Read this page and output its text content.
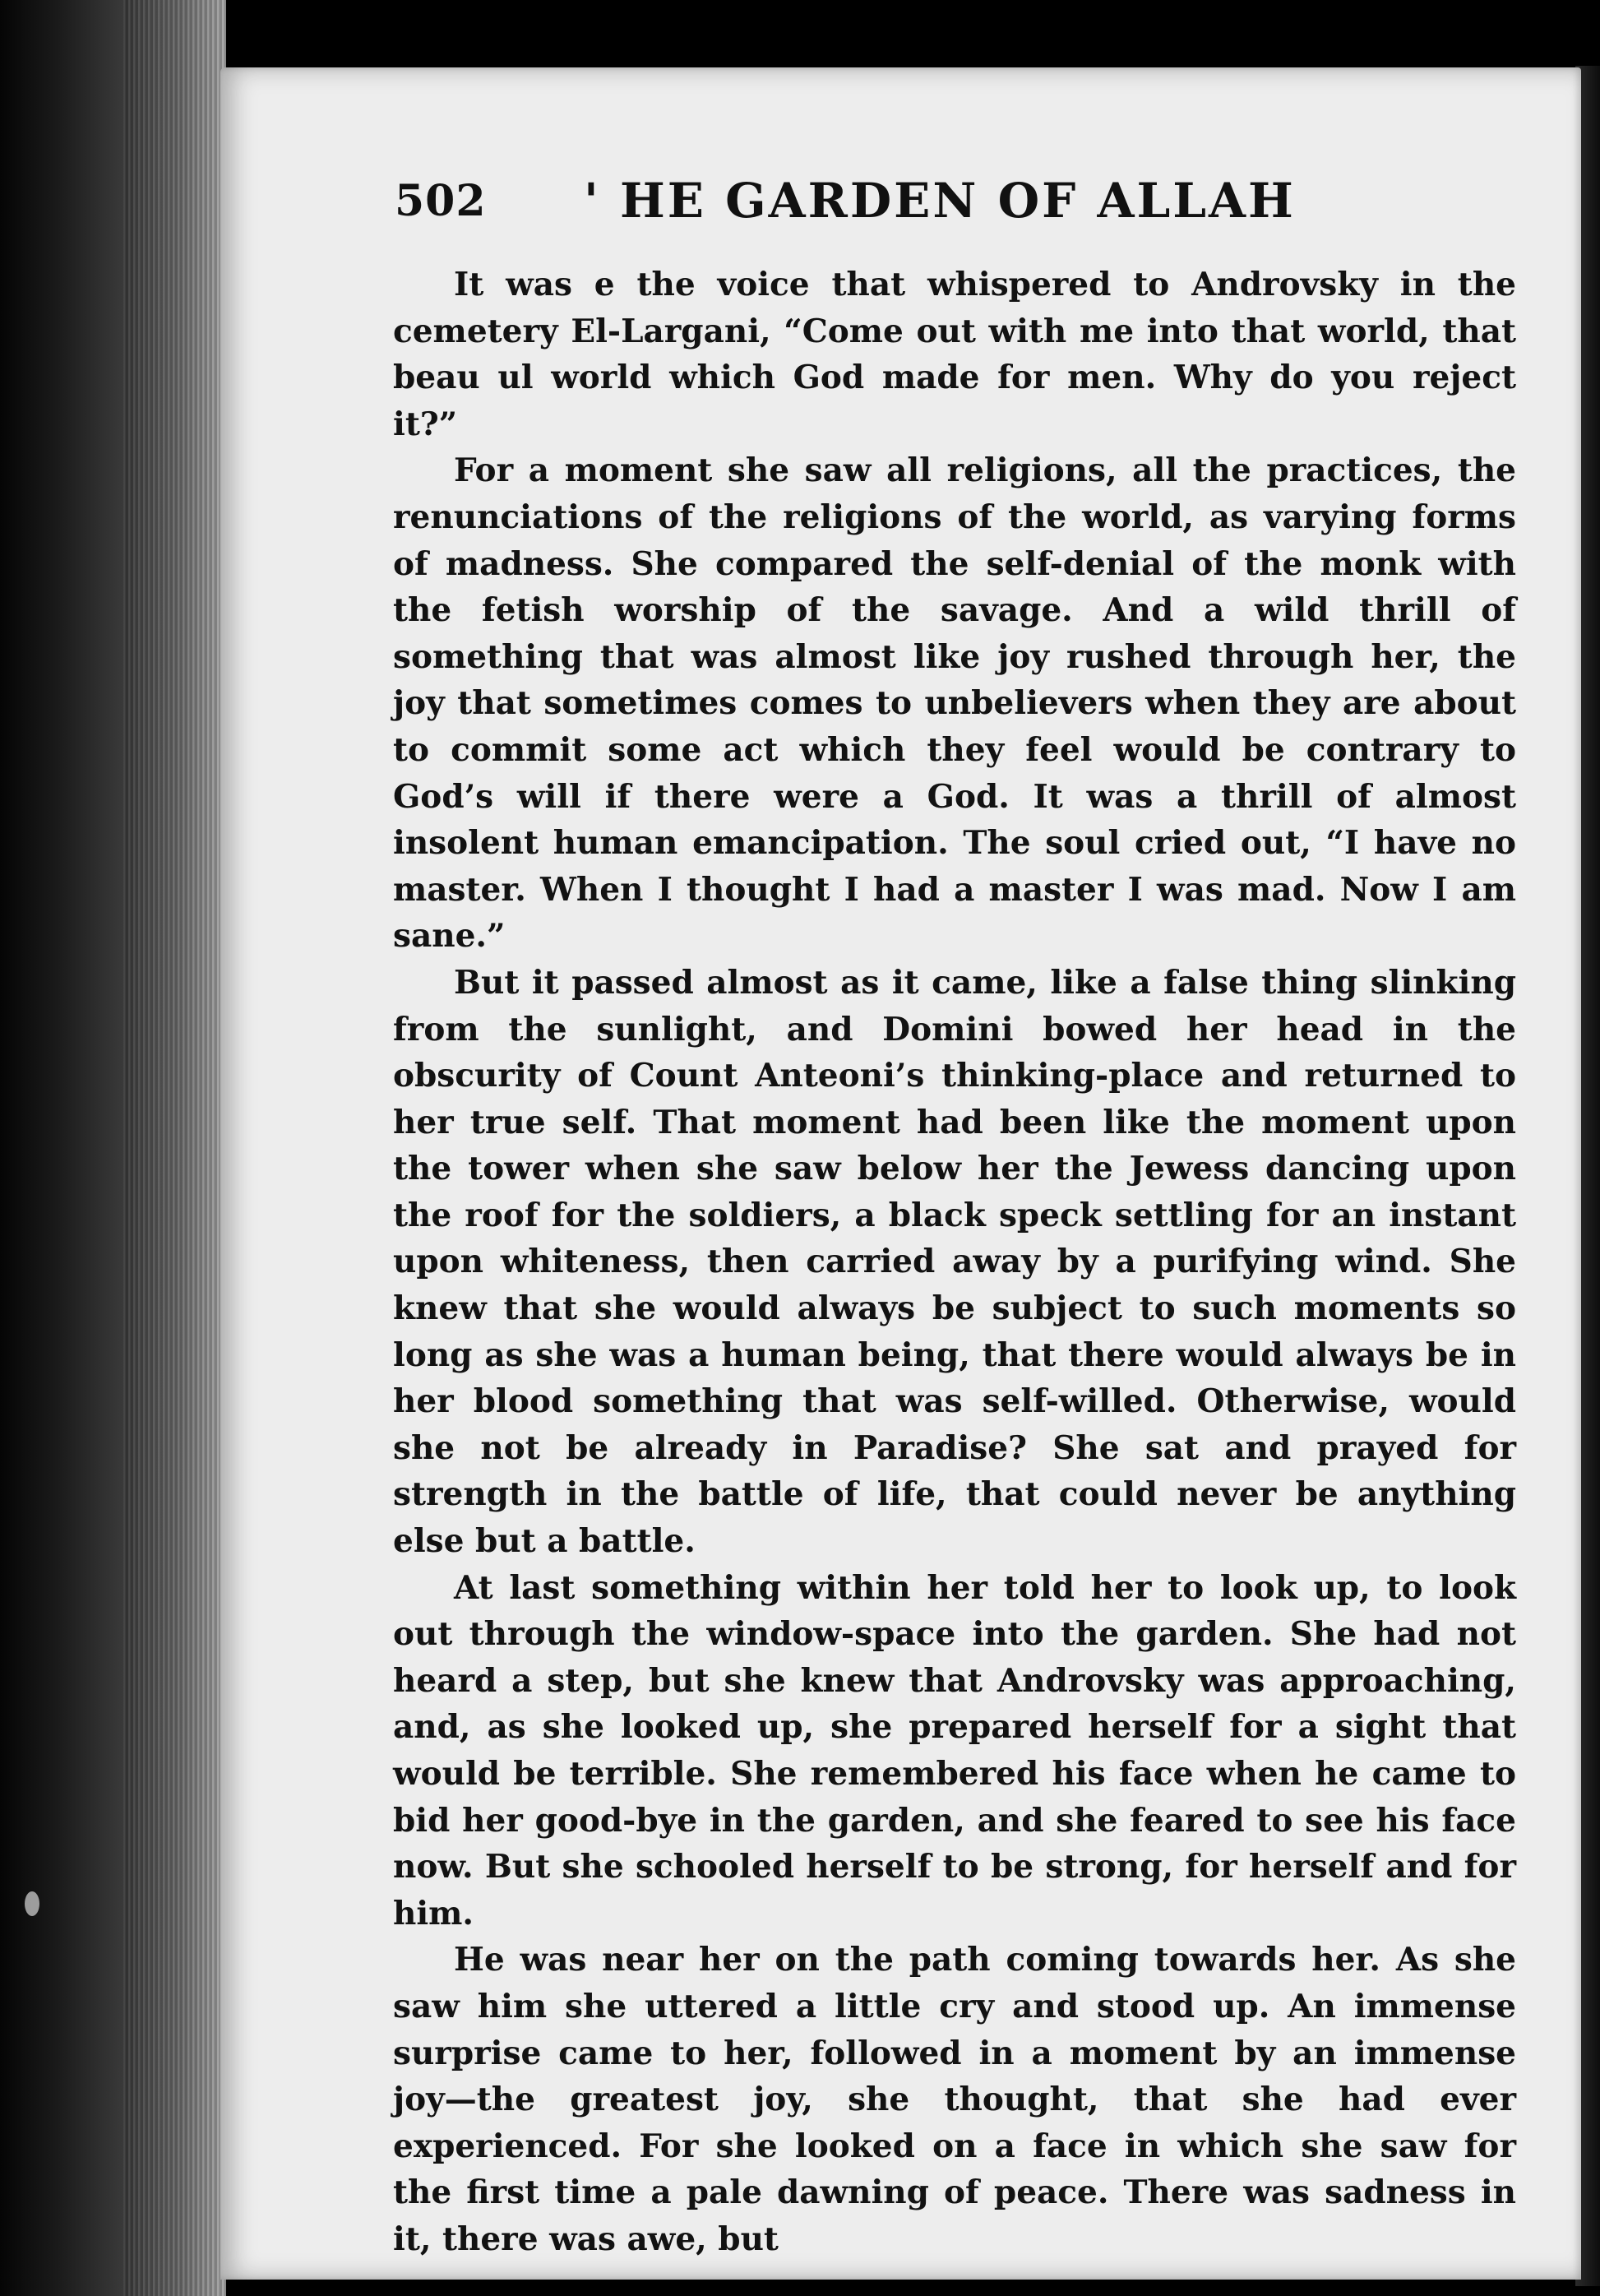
502 ' HE GARDEN OF ALLAH

It was e the voice that whispered to Androvsky in the cemetery El-Largani, “Come out with me into that world, that beau ul world which God made for men. Why do you reject it?”

For a moment she saw all religions, all the practices, the renunciations of the religions of the world, as varying forms of madness. She compared the self-denial of the monk with the fetish worship of the savage. And a wild thrill of something that was almost like joy rushed through her, the joy that sometimes comes to unbelievers when they are about to commit some act which they feel would be contrary to God’s will if there were a God. It was a thrill of almost insolent human emancipation. The soul cried out, “I have no master. When I thought I had a master I was mad. Now I am sane.”

But it passed almost as it came, like a false thing slinking from the sunlight, and Domini bowed her head in the obscurity of Count Anteoni’s thinking-place and returned to her true self. That moment had been like the moment upon the tower when she saw below her the Jewess dancing upon the roof for the soldiers, a black speck settling for an instant upon whiteness, then carried away by a purifying wind. She knew that she would always be subject to such moments so long as she was a human being, that there would always be in her blood something that was self-willed. Otherwise, would she not be already in Paradise? She sat and prayed for strength in the battle of life, that could never be anything else but a battle.

At last something within her told her to look up, to look out through the window-space into the garden. She had not heard a step, but she knew that Androvsky was approaching, and, as she looked up, she prepared herself for a sight that would be terrible. She remembered his face when he came to bid her good-bye in the garden, and she feared to see his face now. But she schooled herself to be strong, for herself and for him.

He was near her on the path coming towards her. As she saw him she uttered a little cry and stood up. An immense surprise came to her, followed in a moment by an immense joy—the greatest joy, she thought, that she had ever experienced. For she looked on a face in which she saw for the first time a pale dawning of peace. There was sadness in it, there was awe, but
